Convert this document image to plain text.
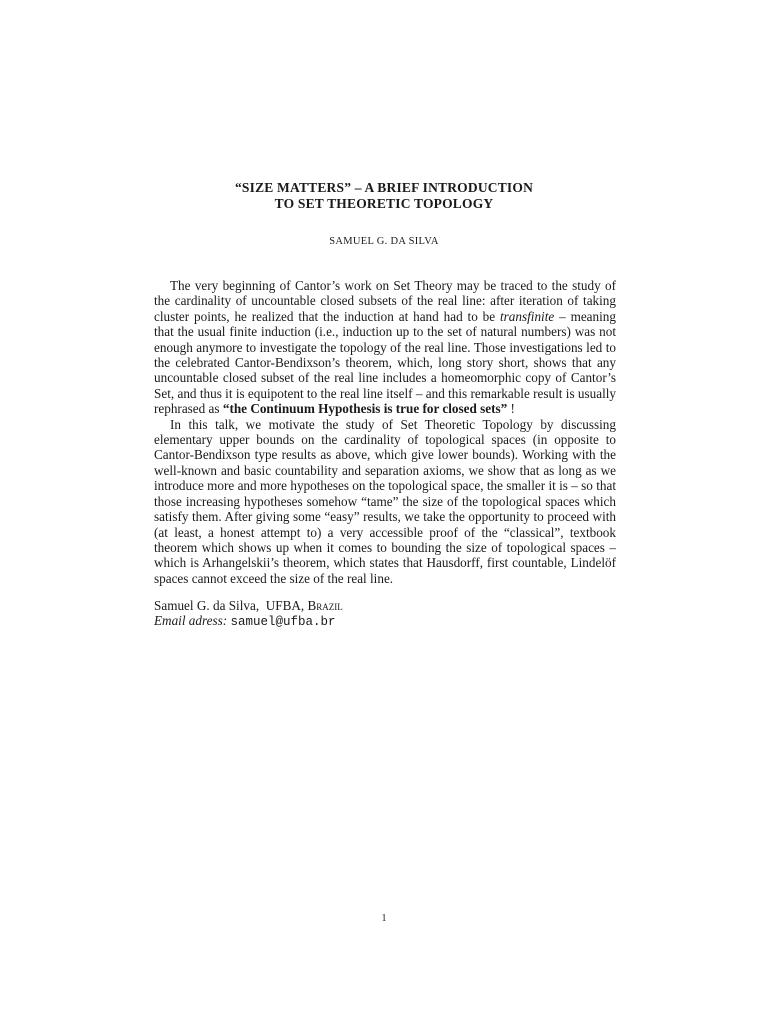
“SIZE MATTERS” – A BRIEF INTRODUCTION
TO SET THEORETIC TOPOLOGY
SAMUEL G. DA SILVA

The very beginning of Cantor’s work on Set Theory may be traced to the study of the cardinality of uncountable closed subsets of the real line: after iteration of taking cluster points, he realized that the induction at hand had to be transfinite – meaning that the usual finite induction (i.e., induction up to the set of natural numbers) was not enough anymore to investigate the topology of the real line. Those investigations led to the celebrated Cantor-Bendixson’s theorem, which, long story short, shows that any uncountable closed subset of the real line includes a homeomorphic copy of Cantor’s Set, and thus it is equipotent to the real line itself – and this remarkable result is usually rephrased as “the Continuum Hypothesis is true for closed sets” !

In this talk, we motivate the study of Set Theoretic Topology by discussing elementary upper bounds on the cardinality of topological spaces (in opposite to Cantor-Bendixson type results as above, which give lower bounds). Working with the well-known and basic countability and separation axioms, we show that as long as we introduce more and more hypotheses on the topological space, the smaller it is – so that those increasing hypotheses somehow “tame” the size of the topological spaces which satisfy them. After giving some “easy” results, we take the opportunity to proceed with (at least, a honest attempt to) a very accessible proof of the “classical”, textbook theorem which shows up when it comes to bounding the size of topological spaces – which is Arhangelskii’s theorem, which states that Hausdorff, first countable, Lindelöf spaces cannot exceed the size of the real line.

Samuel G. da Silva, UFBA, Brazil
Email adress: samuel@ufba.br
1
